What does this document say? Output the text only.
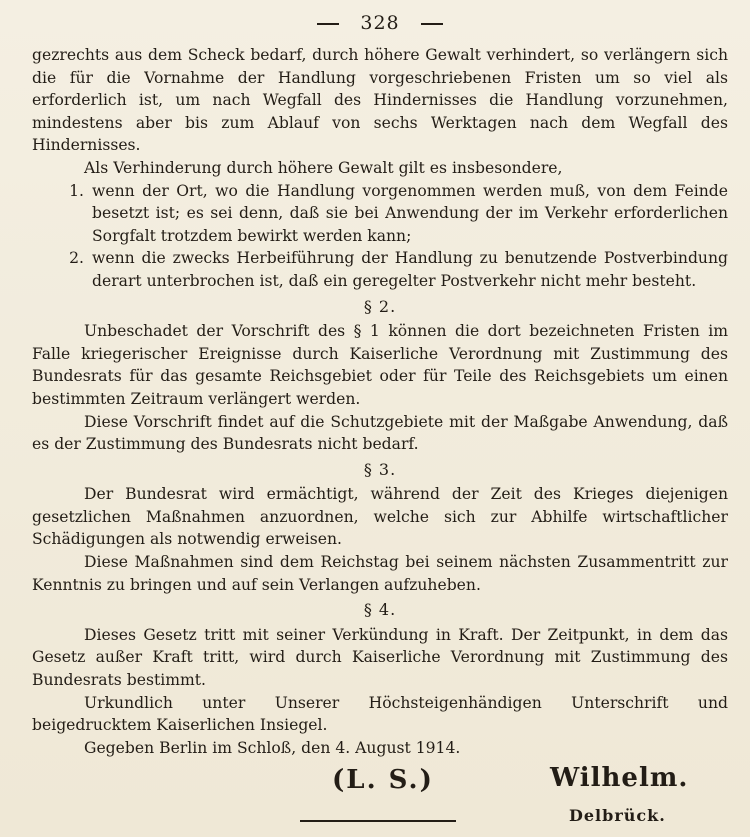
328

gezrechts aus dem Scheck bedarf, durch höhere Gewalt verhindert, so verlängern sich die für die Vornahme der Handlung vorgeschriebenen Fristen um so viel als erforderlich ist, um nach Wegfall des Hindernisses die Handlung vorzunehmen, mindestens aber bis zum Ablauf von sechs Werktagen nach dem Wegfall des Hindernisses.

Als Verhinderung durch höhere Gewalt gilt es insbesondere,

1. wenn der Ort, wo die Handlung vorgenommen werden muß, von dem Feinde besetzt ist; es sei denn, daß sie bei Anwendung der im Verkehr erforderlichen Sorgfalt trotzdem bewirkt werden kann;
2. wenn die zwecks Herbeiführung der Handlung zu benutzende Postverbindung derart unterbrochen ist, daß ein geregelter Postverkehr nicht mehr besteht.
§ 2.

Unbeschadet der Vorschrift des § 1 können die dort bezeichneten Fristen im Falle kriegerischer Ereignisse durch Kaiserliche Verordnung mit Zustimmung des Bundesrats für das gesamte Reichsgebiet oder für Teile des Reichsgebiets um einen bestimmten Zeitraum verlängert werden.

Diese Vorschrift findet auf die Schutzgebiete mit der Maßgabe Anwendung, daß es der Zustimmung des Bundesrats nicht bedarf.

§ 3.

Der Bundesrat wird ermächtigt, während der Zeit des Krieges diejenigen gesetzlichen Maßnahmen anzuordnen, welche sich zur Abhilfe wirtschaftlicher Schädigungen als notwendig erweisen.

Diese Maßnahmen sind dem Reichstag bei seinem nächsten Zusammentritt zur Kenntnis zu bringen und auf sein Verlangen aufzuheben.

§ 4.

Dieses Gesetz tritt mit seiner Verkündung in Kraft. Der Zeitpunkt, in dem das Gesetz außer Kraft tritt, wird durch Kaiserliche Verordnung mit Zustimmung des Bundesrats bestimmt.

Urkundlich unter Unserer Höchsteigenhändigen Unterschrift und beigedrucktem Kaiserlichen Insiegel.

Gegeben Berlin im Schloß, den 4. August 1914.

(L. S.)	Wilhelm.
Delbrück.
